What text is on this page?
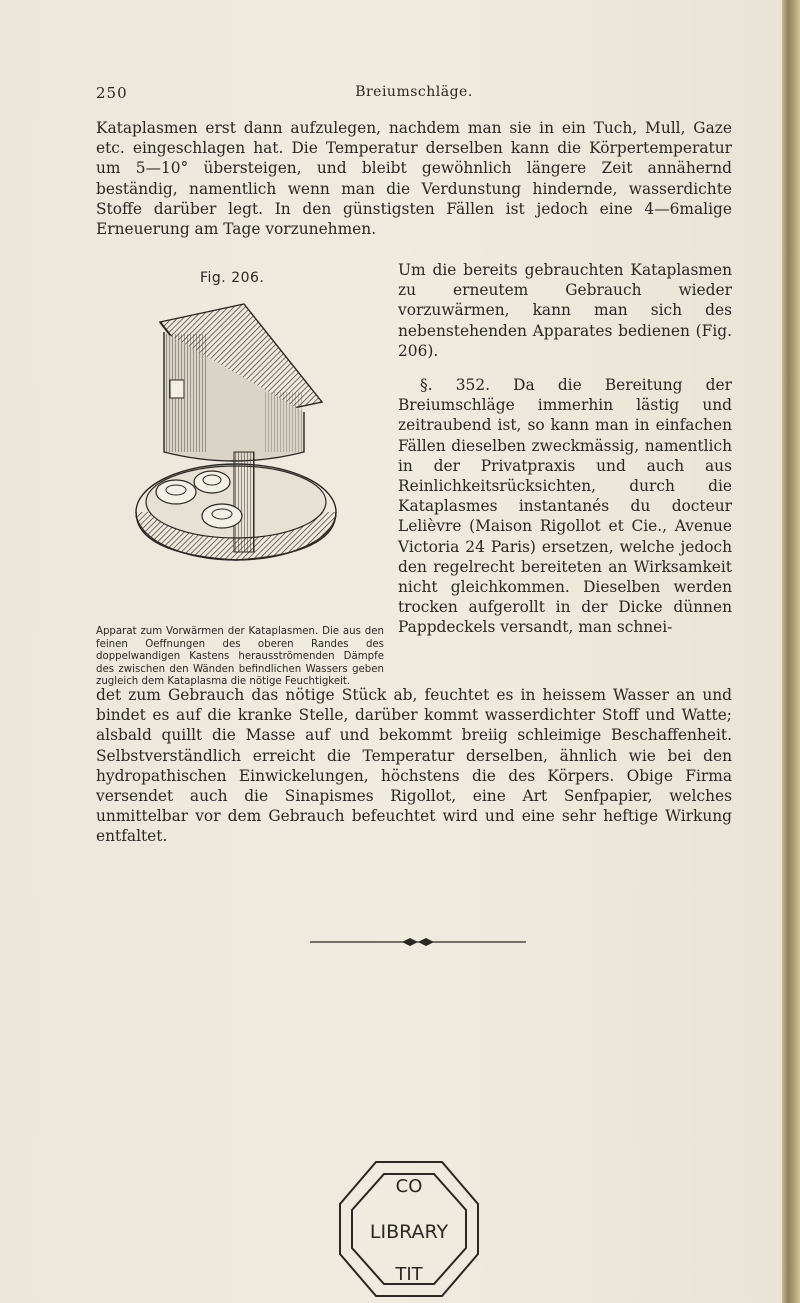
250	Breiumschläge.

Kataplasmen erst dann aufzulegen, nachdem man sie in ein Tuch, Mull, Gaze etc. eingeschlagen hat. Die Temperatur derselben kann die Körpertemperatur um 5—10° übersteigen, und bleibt gewöhnlich längere Zeit annähernd beständig, namentlich wenn man die Verdunstung hindernde, wasserdichte Stoffe darüber legt. In den günstigsten Fällen ist jedoch eine 4—6malige Erneuerung am Tage vorzunehmen.

Fig. 206.
Apparat zum Vorwärmen der Kataplasmen. Die aus den feinen Oeffnungen des oberen Randes des doppelwandigen Kastens herausströmenden Dämpfe des zwischen den Wänden befindlichen Wassers geben zugleich dem Kataplasma die nötige Feuchtigkeit.

Um die bereits gebrauchten Kataplasmen zu erneutem Gebrauch wieder vorzuwärmen, kann man sich des nebenstehenden Apparates bedienen (Fig. 206).

§. 352. Da die Bereitung der Breiumschläge immerhin lästig und zeitraubend ist, so kann man in einfachen Fällen dieselben zweckmässig, namentlich in der Privatpraxis und auch aus Reinlichkeitsrücksichten, durch die Kataplasmes instantanés du docteur Lelièvre (Maison Rigollot et Cie., Avenue Victoria 24 Paris) ersetzen, welche jedoch den regelrecht bereiteten an Wirksamkeit nicht gleichkommen. Dieselben werden trocken aufgerollt in der Dicke dünnen Pappdeckels versandt, man schnei-

det zum Gebrauch das nötige Stück ab, feuchtet es in heissem Wasser an und bindet es auf die kranke Stelle, darüber kommt wasserdichter Stoff und Watte; alsbald quillt die Masse auf und bekommt breiig schleimige Beschaffenheit. Selbstverständlich erreicht die Temperatur derselben, ähnlich wie bei den hydropathischen Einwickelungen, höchstens die des Körpers. Obige Firma versendet auch die Sinapismes Rigollot, eine Art Senfpapier, welches unmittelbar vor dem Gebrauch befeuchtet wird und eine sehr heftige Wirkung entfaltet.

CO
LIBRARY
TIT
